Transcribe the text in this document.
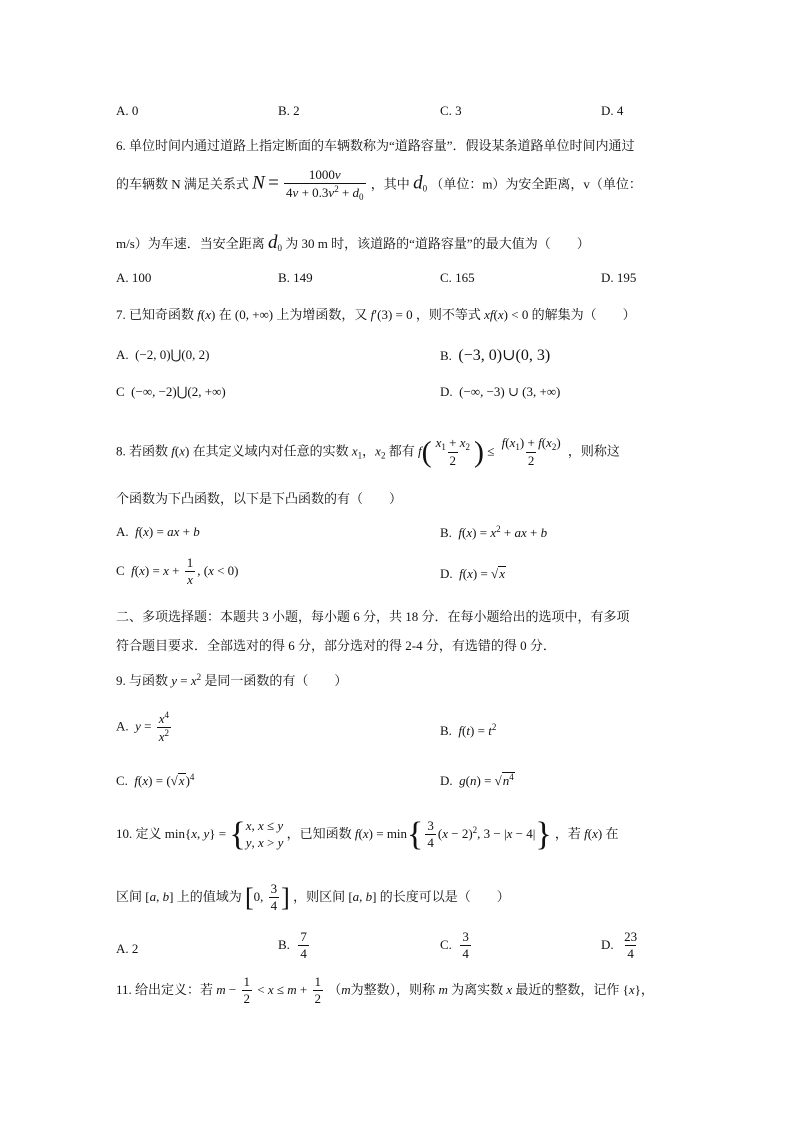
A. 0	B. 2	C. 3	D. 4
6. 单位时间内通过道路上指定断面的车辆数称为“道路容量”．假设某条道路单位时间内通过
的车辆数 N 满足关系式 $N = \frac{1000v}{4v + 0.3v^2 + d_0}$ ，其中 $d_0$ （单位：m）为安全距离，v（单位：
m/s）为车速．当安全距离 $d_0$ 为 30 m 时，该道路的“道路容量”的最大值为（　　）
A. 100	B. 149	C. 165	D. 195
7. 已知奇函数 f(x) 在 (0, +∞) 上为增函数，又 f′(3) = 0 ，则不等式 xf(x) < 0 的解集为（　　）
A.  (−2, 0)⋃(0, 2)	B. (−3, 0)∪(0, 3)
C  (−∞, −2)⋃(2, +∞)	D.  (−∞, −3) ∪ (3, +∞)
8. 若函数 f(x) 在其定义域内对任意的实数 $x_1$，$x_2$ 都有 $f( \frac{x_1 + x_2}{2}$ ) ≤ $\frac{f(x_1) + f(x_2)}{2}$ ，则称这
个函数为下凸函数，以下是下凸函数的有（　　）
A. f(x) = ax + b	B. $f(x) = x^2$ + ax + b
C $f(x) = x + \frac{1}{x}$ , (x < 0)	D. f(x) = √x
二、多项选择题：本题共 3 小题，每小题 6 分，共 18 分．在每小题给出的选项中，有多项
符合题目要求．全部选对的得 6 分，部分选对的得 2-4 分，有选错的得 0 分．
9. 与函数 $y = x^2$ 是同一函数的有（　　）
A. $y = \frac{x^4}{x^2}$	B. $f(t) = t^2$
C. $f(x) = (√x)^4$	D. $g(n) = √n^4$
10. 定义 min{x, y} = { x, x ≤ y
y, x > y
，已知函数 $f(x) = \min\{ \frac{3}{4} (x - 2)^2$, 3 − |x − 4|} ，若 f(x) 在
区间 [a, b] 上的值域为 [0, $\frac{3}{4}$ ] ，则区间 [a, b] 的长度可以是（　　）
A. 2	B. $\frac{7}{4}$	C. $\frac{3}{4}$	D. $\frac{23}{4}$
11. 给出定义：若 $m - \frac{1}{2} < x \le m + \frac{1}{2} (m$为整数），则称 m 为离实数 x 最近的整数，记作 {x}，
